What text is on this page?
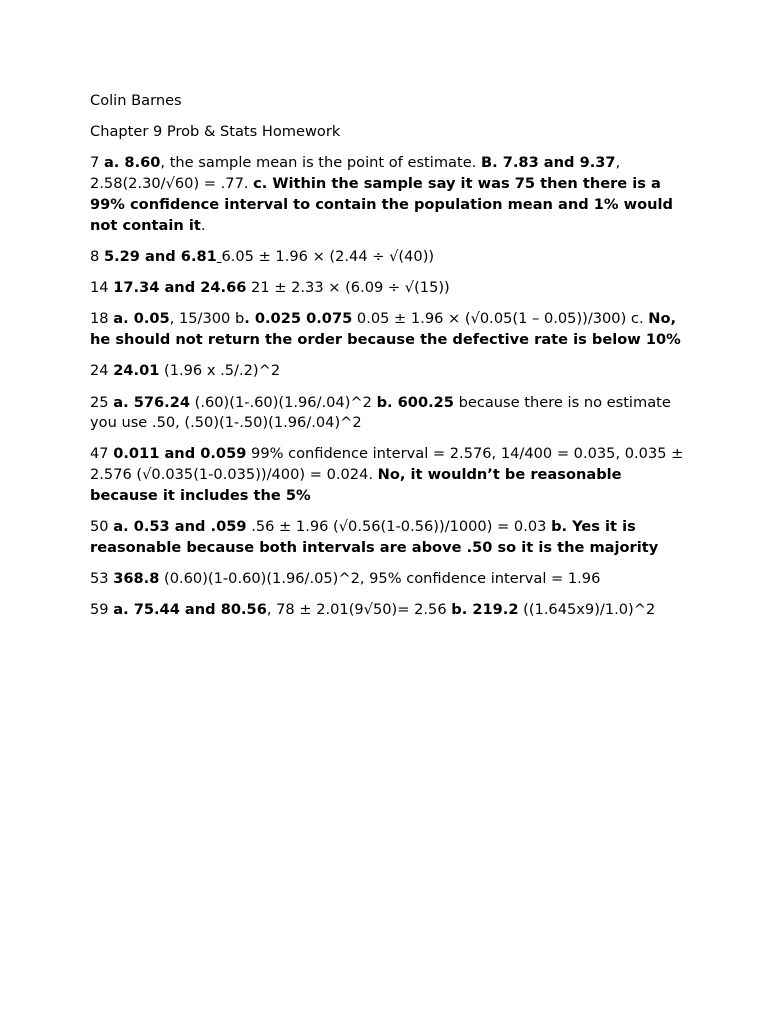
Colin Barnes

Chapter 9 Prob & Stats Homework

7 a. 8.60, the sample mean is the point of estimate. B. 7.83 and 9.37, 2.58(2.30/√60) = .77. c. Within the sample say it was 75 then there is a 99% confidence interval to contain the population mean and 1% would not contain it.

8 5.29 and 6.81 6.05 ± 1.96 × (2.44 ÷ √(40))

14 17.34 and 24.66 21 ± 2.33 × (6.09 ÷ √(15))

18 a. 0.05, 15/300 b. 0.025 0.075 0.05 ± 1.96 × (√0.05(1 – 0.05))/300) c. No, he should not return the order because the defective rate is below 10%

24 24.01 (1.96 x .5/.2)^2

25 a. 576.24 (.60)(1-.60)(1.96/.04)^2 b. 600.25 because there is no estimate you use .50, (.50)(1-.50)(1.96/.04)^2

47 0.011 and 0.059 99% confidence interval = 2.576, 14/400 = 0.035, 0.035 ± 2.576 (√0.035(1-0.035))/400) = 0.024. No, it wouldn’t be reasonable because it includes the 5%

50 a. 0.53 and .059 .56 ± 1.96 (√0.56(1-0.56))/1000) = 0.03 b. Yes it is reasonable because both intervals are above .50 so it is the majority

53 368.8 (0.60)(1-0.60)(1.96/.05)^2, 95% confidence interval = 1.96

59 a. 75.44 and 80.56, 78 ± 2.01(9√50)= 2.56 b. 219.2 ((1.645x9)/1.0)^2
